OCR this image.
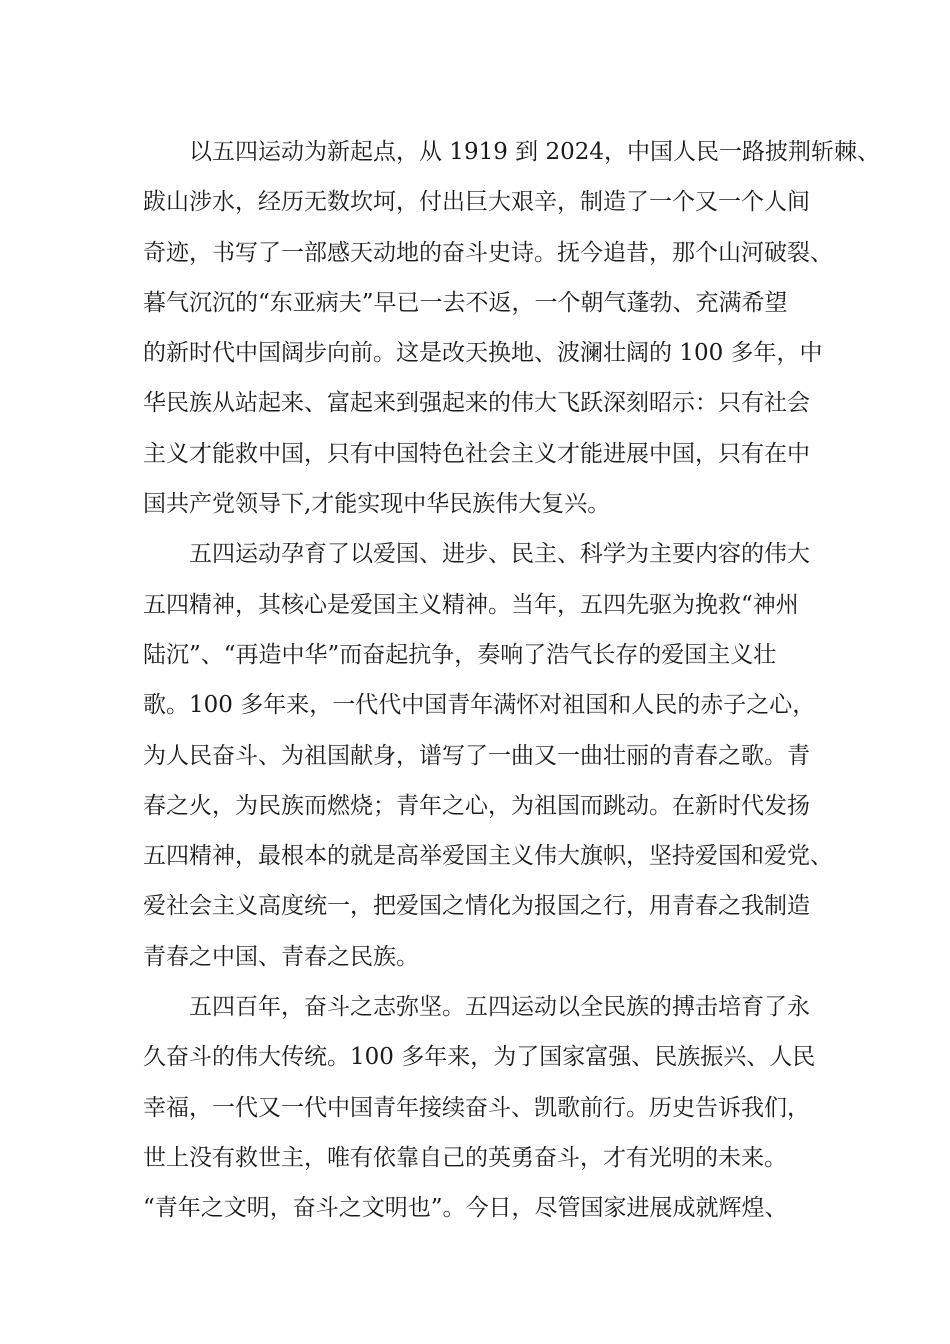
以五四运动为新起点，从 1919 到 2024，中国人民一路披荆斩棘、
跋山涉水，经历无数坎坷，付出巨大艰辛，制造了一个又一个人间
奇迹，书写了一部感天动地的奋斗史诗。抚今追昔，那个山河破裂、
暮气沉沉的“东亚病夫”早已一去不返，一个朝气蓬勃、充满希望
的新时代中国阔步向前。这是改天换地、波澜壮阔的 100 多年，中
华民族从站起来、富起来到强起来的伟大飞跃深刻昭示：只有社会
主义才能救中国，只有中国特色社会主义才能进展中国，只有在中
国共产党领导下,才能实现中华民族伟大复兴。
五四运动孕育了以爱国、进步、民主、科学为主要内容的伟大
五四精神，其核心是爱国主义精神。当年，五四先驱为挽救“神州
陆沉”、“再造中华”而奋起抗争，奏响了浩气长存的爱国主义壮
歌。100 多年来，一代代中国青年满怀对祖国和人民的赤子之心，
为人民奋斗、为祖国献身，谱写了一曲又一曲壮丽的青春之歌。青
春之火，为民族而燃烧；青年之心，为祖国而跳动。在新时代发扬
五四精神，最根本的就是高举爱国主义伟大旗帜，坚持爱国和爱党、
爱社会主义高度统一，把爱国之情化为报国之行，用青春之我制造
青春之中国、青春之民族。
五四百年，奋斗之志弥坚。五四运动以全民族的搏击培育了永
久奋斗的伟大传统。100 多年来，为了国家富强、民族振兴、人民
幸福，一代又一代中国青年接续奋斗、凯歌前行。历史告诉我们，
世上没有救世主，唯有依靠自己的英勇奋斗，才有光明的未来。
“青年之文明，奋斗之文明也”。今日，尽管国家进展成就辉煌、
